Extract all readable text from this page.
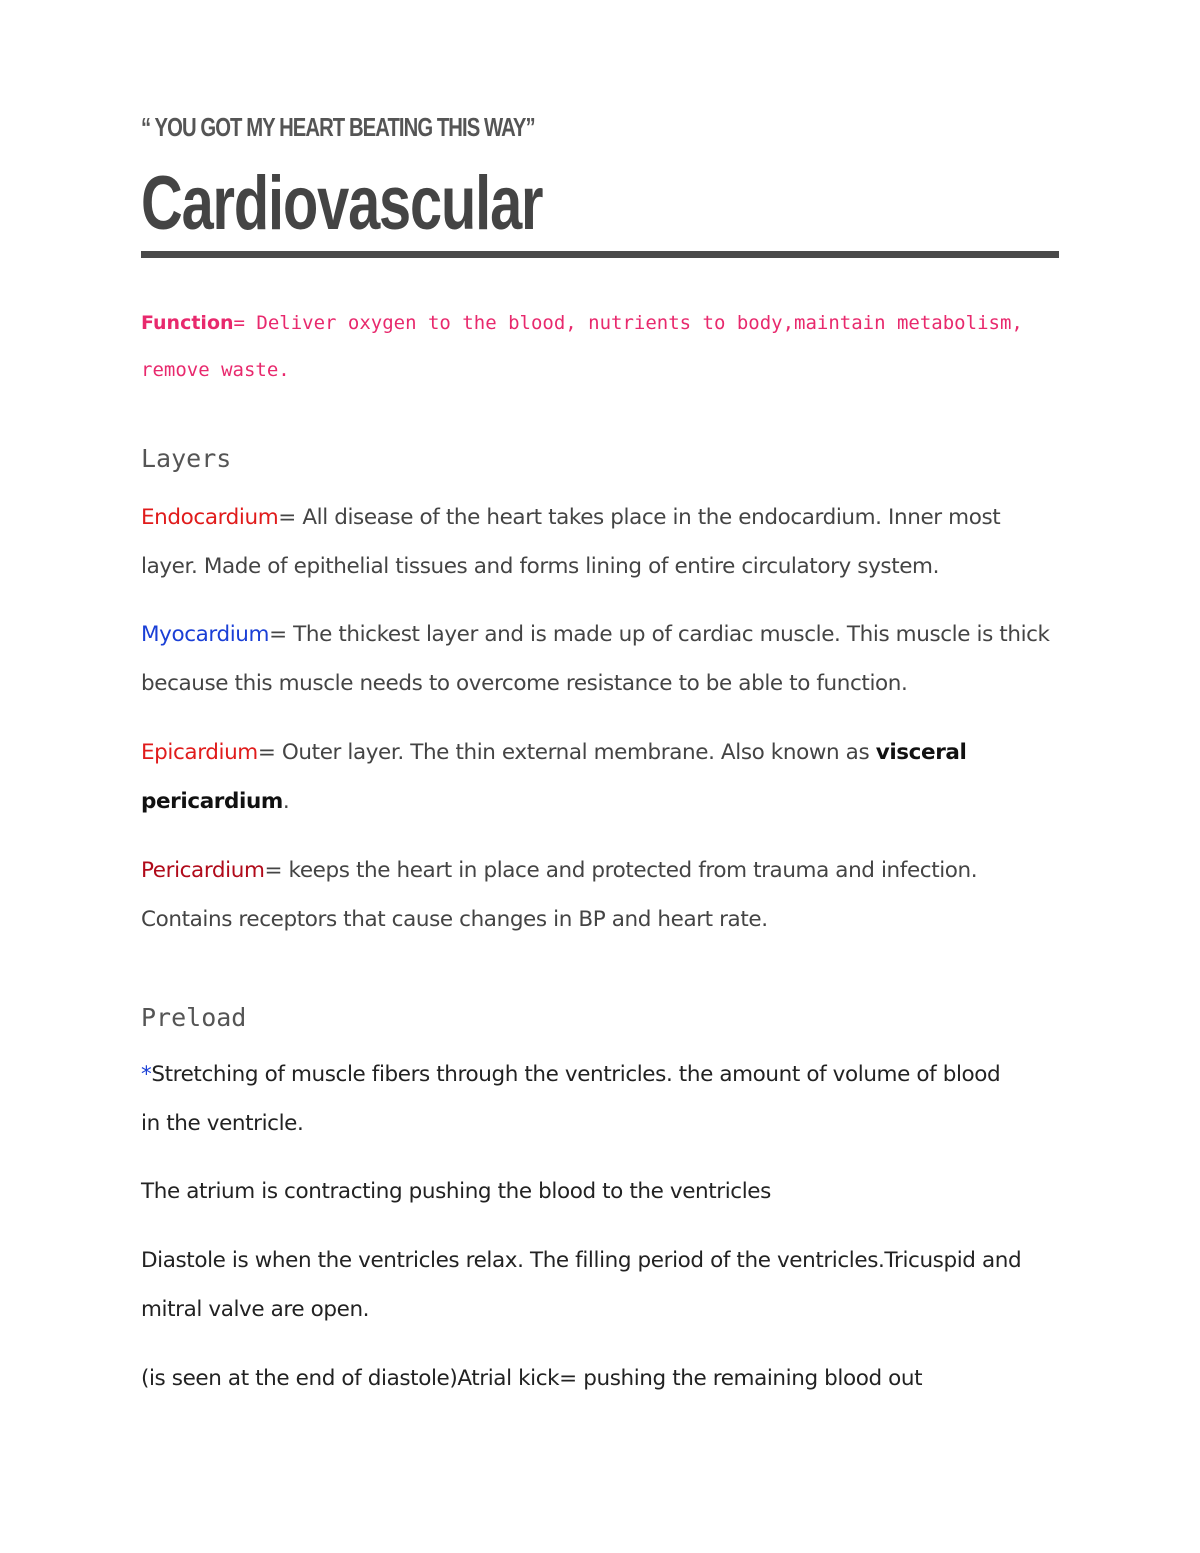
“ YOU GOT MY HEART BEATING THIS WAY”
Cardiovascular
Function= Deliver oxygen to the blood, nutrients to body,maintain metabolism,
remove waste.
Layers
Endocardium= All disease of the heart takes place in the endocardium. Inner most layer. Made of epithelial tissues and forms lining of entire circulatory system.
Myocardium= The thickest layer and is made up of cardiac muscle. This muscle is thick because this muscle needs to overcome resistance to be able to function.
Epicardium= Outer layer. The thin external membrane. Also known as visceral pericardium.
Pericardium= keeps the heart in place and protected from trauma and infection. Contains receptors that cause changes in BP and heart rate.
Preload
*Stretching of muscle fibers through the ventricles. the amount of volume of blood in the ventricle.
The atrium is contracting pushing the blood to the ventricles
Diastole is when the ventricles relax. The filling period of the ventricles.Tricuspid and mitral valve are open.
(is seen at the end of diastole)Atrial kick= pushing the remaining blood out
